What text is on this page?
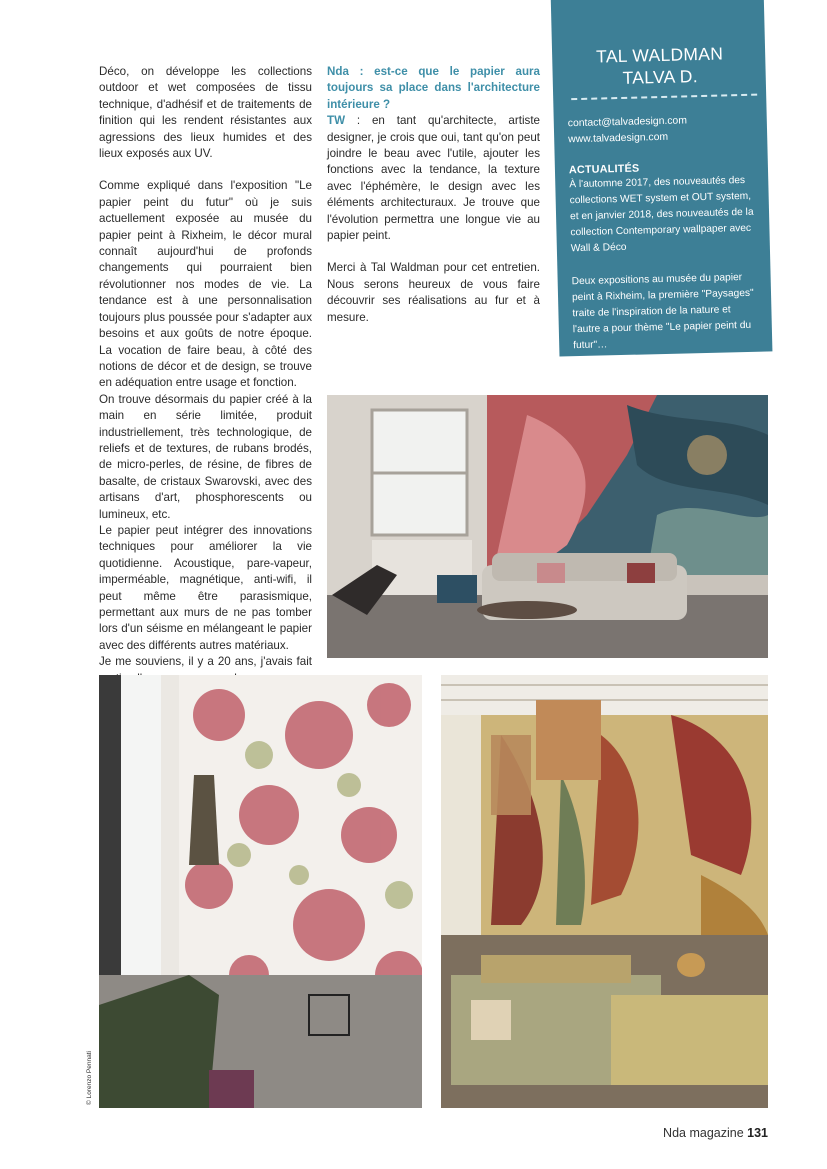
Déco, on développe les collections outdoor et wet composées de tissu technique, d'adhésif et de traitements de finition qui les rendent résistantes aux agressions des lieux humides et des lieux exposés aux UV.

Comme expliqué dans l'exposition "Le papier peint du futur" où je suis actuellement exposée au musée du papier peint à Rixheim, le décor mural connaît aujourd'hui de profonds changements qui pourraient bien révolutionner nos modes de vie. La tendance est à une personnalisation toujours plus poussée pour s'adapter aux besoins et aux goûts de notre époque. La vocation de faire beau, à côté des notions de décor et de design, se trouve en adéquation entre usage et fonction.

On trouve désormais du papier créé à la main en série limitée, produit industriellement, très technologique, de reliefs et de textures, de rubans brodés, de micro-perles, de résine, de fibres de basalte, de cristaux Swarovski, avec des artisans d'art, phosphorescents ou lumineux, etc.

Le papier peut intégrer des innovations techniques pour améliorer la vie quotidienne. Acoustique, pare-vapeur, imperméable, magnétique, anti-wifi, il peut même être parasismique, permettant aux murs de ne pas tomber lors d'un séisme en mélangeant le papier avec des différents autres matériaux.

Je me souviens, il y a 20 ans, j'avais fait

Nda : est-ce que le papier aura toujours sa place dans l'architecture intérieure ?
TW : en tant qu'architecte, artiste designer, je crois que oui, tant qu'on peut joindre le beau avec l'utile, ajouter les fonctions avec la tendance, la texture avec l'éphémère, le design avec les éléments architecturaux. Je trouve que l'évolution permettra une longue vie au papier peint.

Merci à Tal Waldman pour cet entretien. Nous serons heureux de vous faire découvrir ses réalisations au fur et à mesure.

TAL WALDMAN
TALVA D.
contact@talvadesign.com
www.talvadesign.com
ACTUALITÉS
À l'automne 2017, des nouveautés des collections WET system et OUT system, et en janvier 2018, des nouveautés de la collection Contemporary wallpaper avec Wall & Déco
Deux expositions au musée du papier peint à Rixheim, la première "Paysages" traite de l'inspiration de la nature et l'autre a pour thème "Le papier peint du futur"…
© Lorenzo Pennati
Nda magazine 131
